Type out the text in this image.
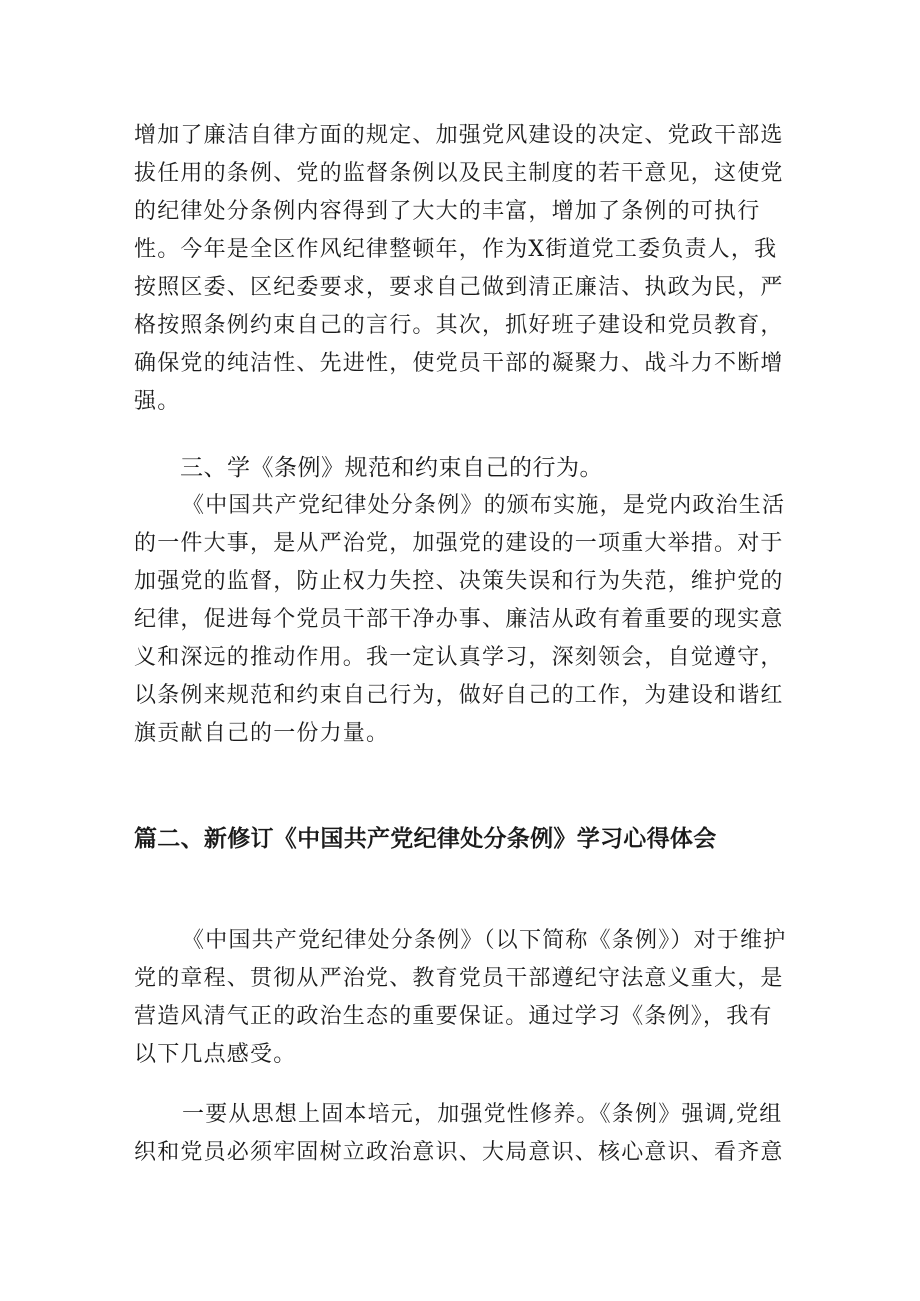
增加了廉洁自律方面的规定、加强党风建设的决定、党政干部选拔任用的条例、党的监督条例以及民主制度的若干意见，这使党的纪律处分条例内容得到了大大的丰富，增加了条例的可执行性。今年是全区作风纪律整顿年，作为X街道党工委负责人，我按照区委、区纪委要求，要求自己做到清正廉洁、执政为民，严格按照条例约束自己的言行。其次，抓好班子建设和党员教育，确保党的纯洁性、先进性，使党员干部的凝聚力、战斗力不断增强。

三、学《条例》规范和约束自己的行为。

《中国共产党纪律处分条例》的颁布实施，是党内政治生活的一件大事，是从严治党，加强党的建设的一项重大举措。对于加强党的监督，防止权力失控、决策失误和行为失范，维护党的纪律，促进每个党员干部干净办事、廉洁从政有着重要的现实意义和深远的推动作用。我一定认真学习，深刻领会，自觉遵守，以条例来规范和约束自己行为，做好自己的工作，为建设和谐红旗贡献自己的一份力量。

篇二、新修订《中国共产党纪律处分条例》学习心得体会

《中国共产党纪律处分条例》（以下简称《条例》）对于维护党的章程、贯彻从严治党、教育党员干部遵纪守法意义重大，是营造风清气正的政治生态的重要保证。通过学习《条例》，我有以下几点感受。

一要从思想上固本培元，加强党性修养。《条例》强调,党组织和党员必须牢固树立政治意识、大局意识、核心意识、看齐意
